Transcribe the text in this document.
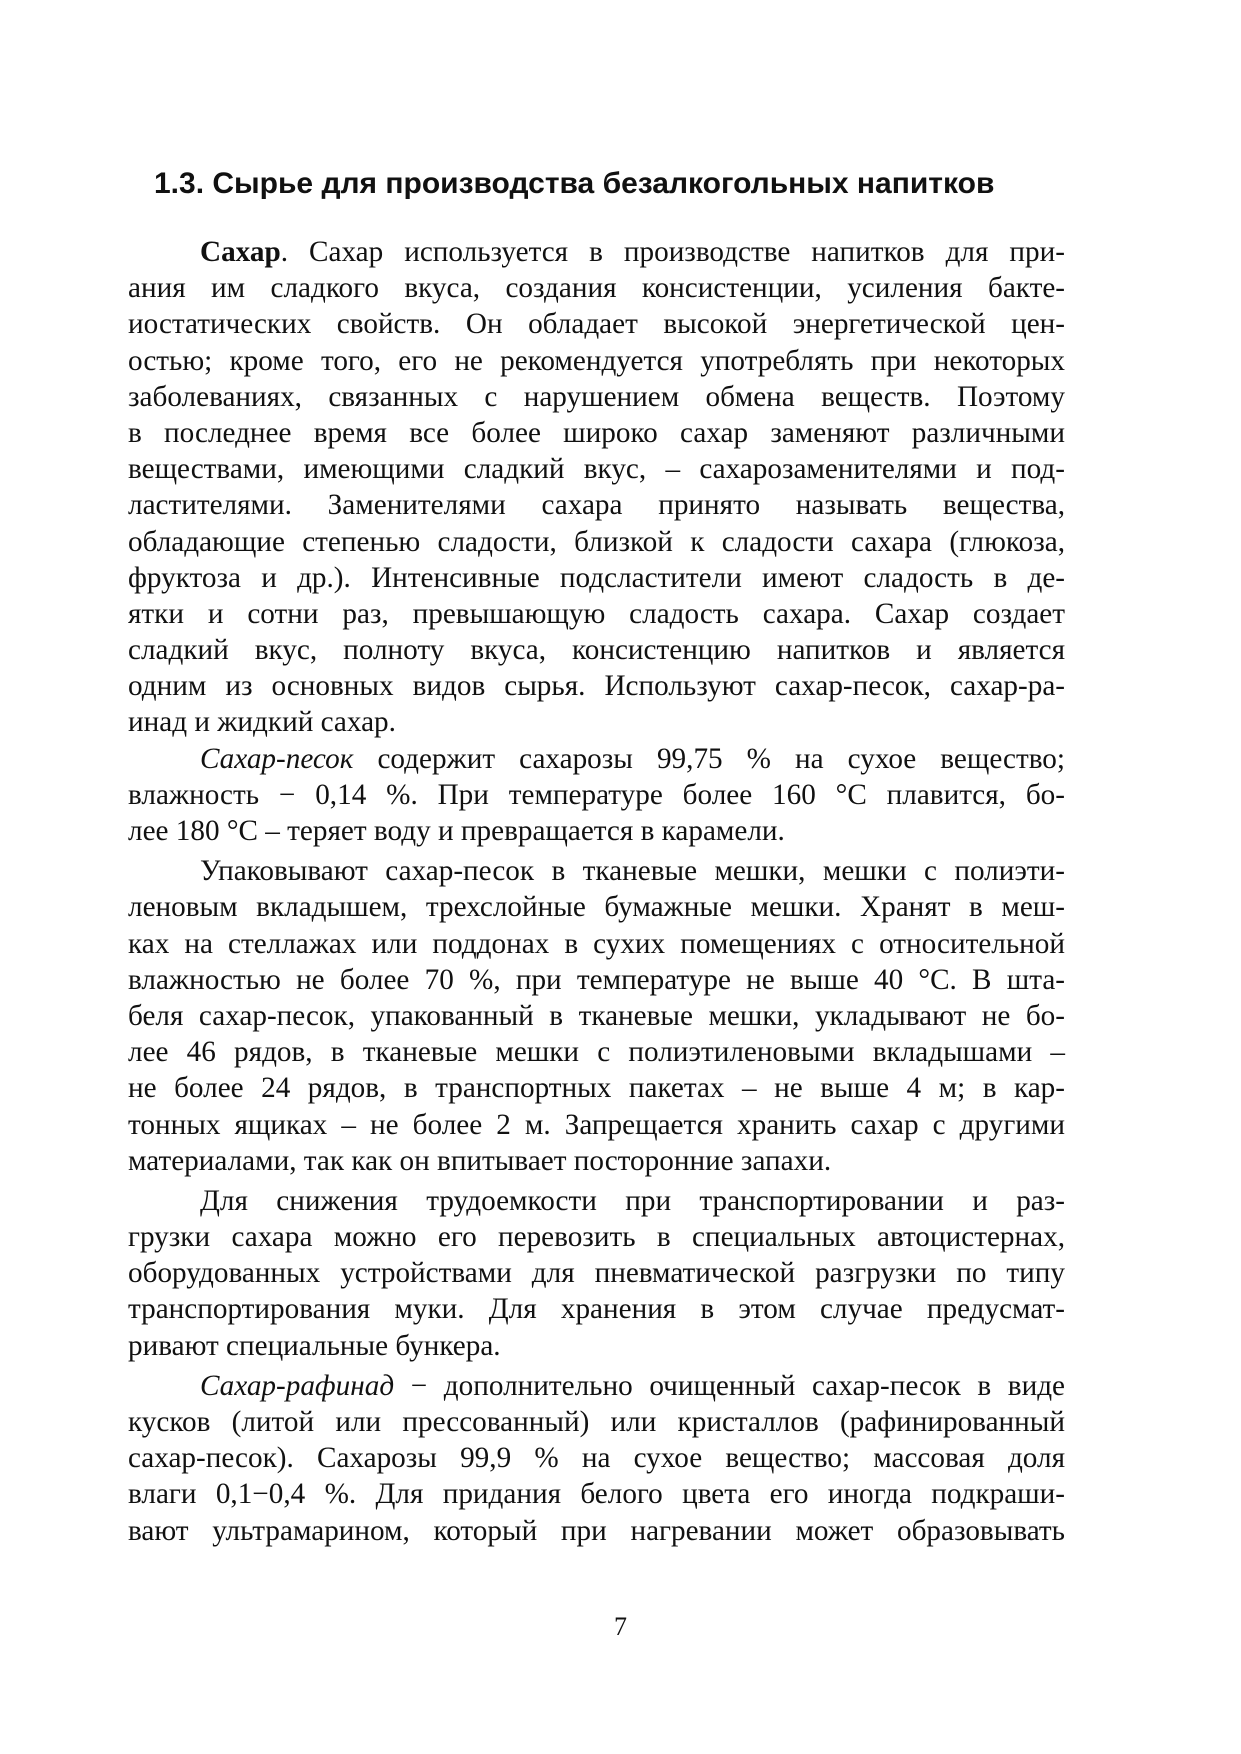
1.3. Сырье для производства безалкогольных напитков

Сахар. Сахар используется в производстве напитков для при-
ания им сладкого вкуса, создания консистенции, усиления бакте-
иостатических свойств. Он обладает высокой энергетической цен-
остью; кроме того, его не рекомендуется употреблять при некоторых
заболеваниях, связанных с нарушением обмена веществ. Поэтому
в последнее время все более широко сахар заменяют различными
веществами, имеющими сладкий вкус, – сахарозаменителями и под-
ластителями. Заменителями сахара принято называть вещества,
обладающие степенью сладости, близкой к сладости сахара (глюкоза,
фруктоза и др.). Интенсивные подсластители имеют сладость в де-
ятки и сотни раз, превышающую сладость сахара. Сахар создает
сладкий вкус, полноту вкуса, консистенцию напитков и является
одним из основных видов сырья. Используют сахар-песок, сахар-ра-
инад и жидкий сахар.

Сахар-песок содержит сахарозы 99,75 % на сухое вещество;
влажность − 0,14 %. При температуре более 160 °С плавится, бо-
лее 180 °С – теряет воду и превращается в карамели.

Упаковывают сахар-песок в тканевые мешки, мешки с полиэти-
леновым вкладышем, трехслойные бумажные мешки. Хранят в меш-
ках на стеллажах или поддонах в сухих помещениях с относительной
влажностью не более 70 %, при температуре не выше 40 °С. В шта-
беля сахар-песок, упакованный в тканевые мешки, укладывают не бо-
лее 46 рядов, в тканевые мешки с полиэтиленовыми вкладышами –
не более 24 рядов, в транспортных пакетах – не выше 4 м; в кар-
тонных ящиках – не более 2 м. Запрещается хранить сахар с другими
материалами, так как он впитывает посторонние запахи.

Для снижения трудоемкости при транспортировании и раз-
грузки сахара можно его перевозить в специальных автоцистернах,
оборудованных устройствами для пневматической разгрузки по типу
транспортирования муки. Для хранения в этом случае предусмат-
ривают специальные бункера.

Сахар-рафинад − дополнительно очищенный сахар-песок в виде
кусков (литой или прессованный) или кристаллов (рафинированный
сахар-песок). Сахарозы 99,9 % на сухое вещество; массовая доля
влаги 0,1−0,4 %. Для придания белого цвета его иногда подкраши-
вают ультрамарином, который при нагревании может образовывать

7
